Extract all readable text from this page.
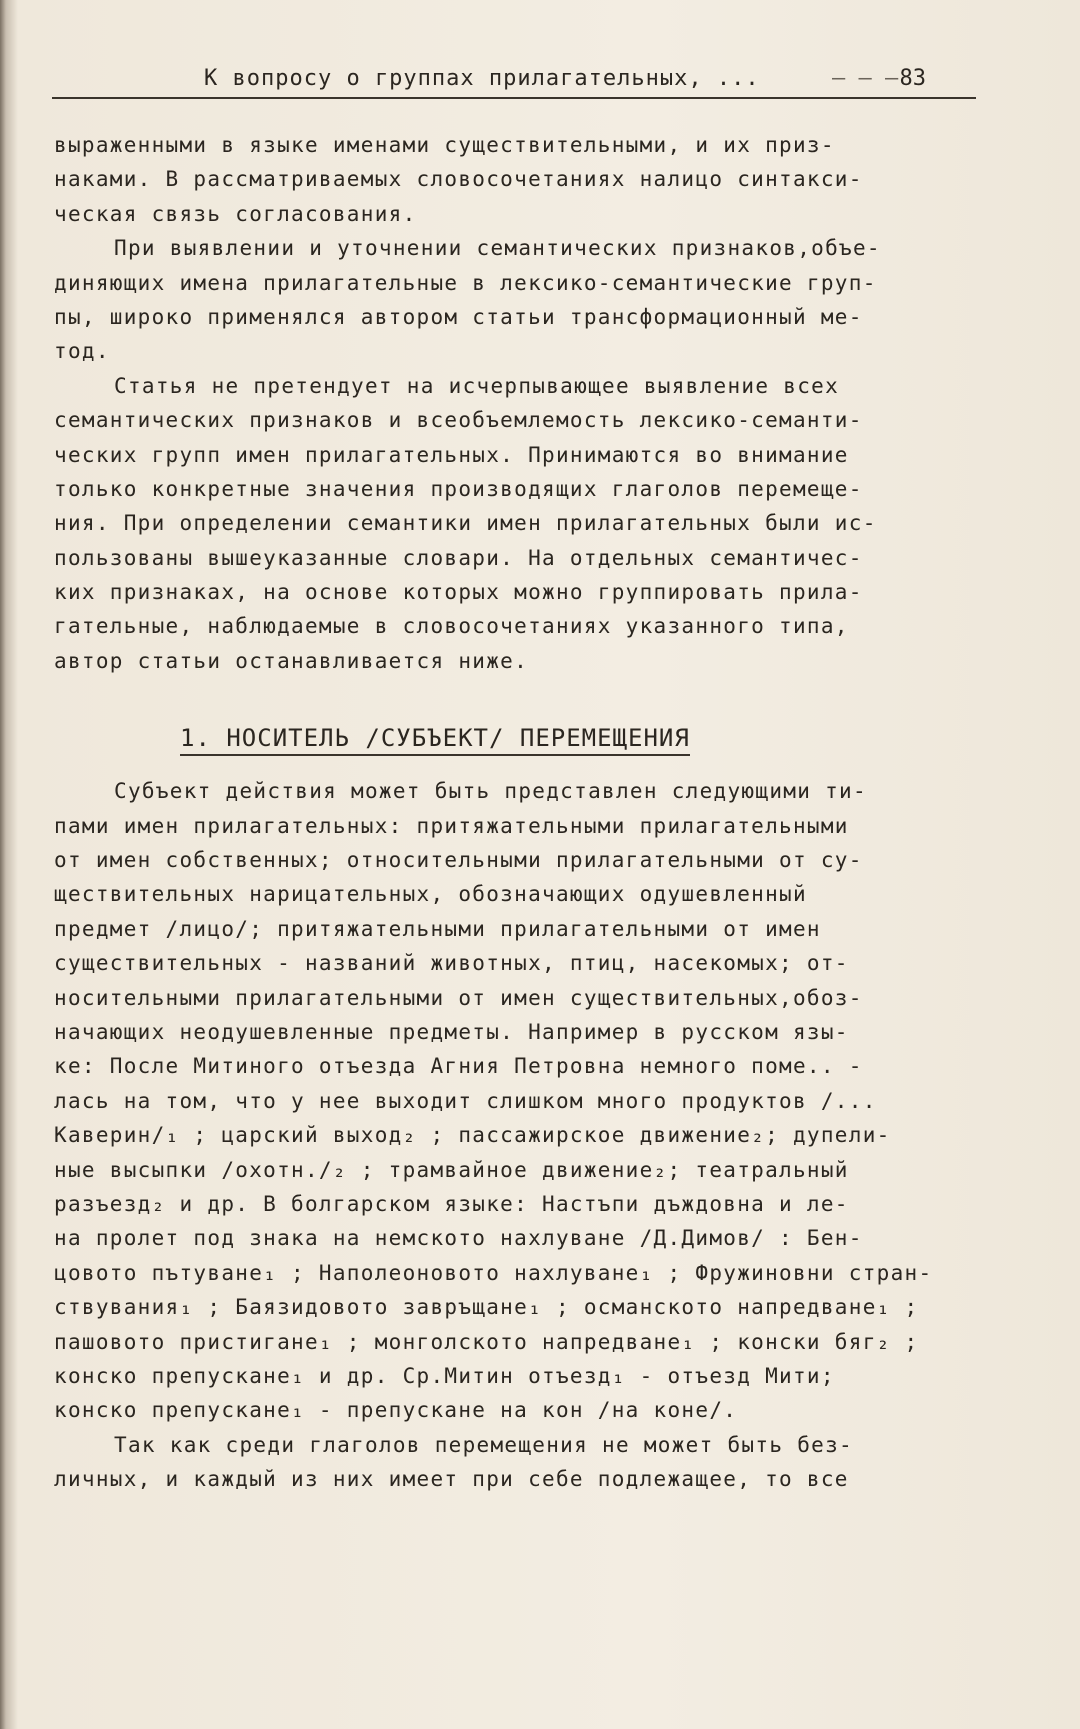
К вопросу о группах прилагательных, ...	— — — 83
выраженными в языке именами существительными, и их приз-
наками. В рассматриваемых словосочетаниях налицо синтакси-
ческая связь согласования.
При выявлении и уточнении семантических признаков,объе-
диняющих имена прилагательные в лексико-семантические груп-
пы, широко применялся автором статьи трансформационный ме-
тод.
Статья не претендует на исчерпывающее выявление всех
семантических признаков и всеобъемлемость лексико-семанти-
ческих групп имен прилагательных. Принимаются во внимание
только конкретные значения производящих глаголов перемеще-
ния. При определении семантики имен прилагательных были ис-
пользованы вышеуказанные словари. На отдельных семантичес-
ких признаках, на основе которых можно группировать прила-
гательные, наблюдаемые в словосочетаниях указанного типа,
автор статьи останавливается ниже.
1. НОСИТЕЛЬ /СУБЪЕКТ/ ПЕРЕМЕЩЕНИЯ
Субъект действия может быть представлен следующими ти-
пами имен прилагательных: притяжательными прилагательными
от имен собственных; относительными прилагательными от су-
ществительных нарицательных, обозначающих одушевленный
предмет /лицо/; притяжательными прилагательными от имен
существительных - названий животных, птиц, насекомых; от-
носительными прилагательными от имен существительных,обоз-
начающих неодушевленные предметы. Например в русском язы-
ке: После Митиного отъезда Агния Петровна немного поме.. -
лась на том, что у нее выходит слишком много продуктов /...
Каверин/₁ ; царский выход₂ ; пассажирское движение₂; дупели-
ные высыпки /охотн./₂ ; трамвайное движение₂; театральный
разъезд₂ и др. В болгарском языке: Настъпи дъждовна и ле-
на пролет под знака на немското нахлуване /Д.Димов/ : Бен-
цовото пътуване₁ ; Наполеоновото нахлуване₁ ; Фружиновни стран-
ствувания₁ ; Баязидовото завръщане₁ ; османското напредване₁ ;
пашовото пристигане₁ ; монголското напредване₁ ; конски бяг₂ ;
конско препускане₁ и др. Ср.Митин отъезд₁ - отъезд Мити;
конско препускане₁ - препускане на кон /на коне/.
Так как среди глаголов перемещения не может быть без-
личных, и каждый из них имеет при себе подлежащее, то все
